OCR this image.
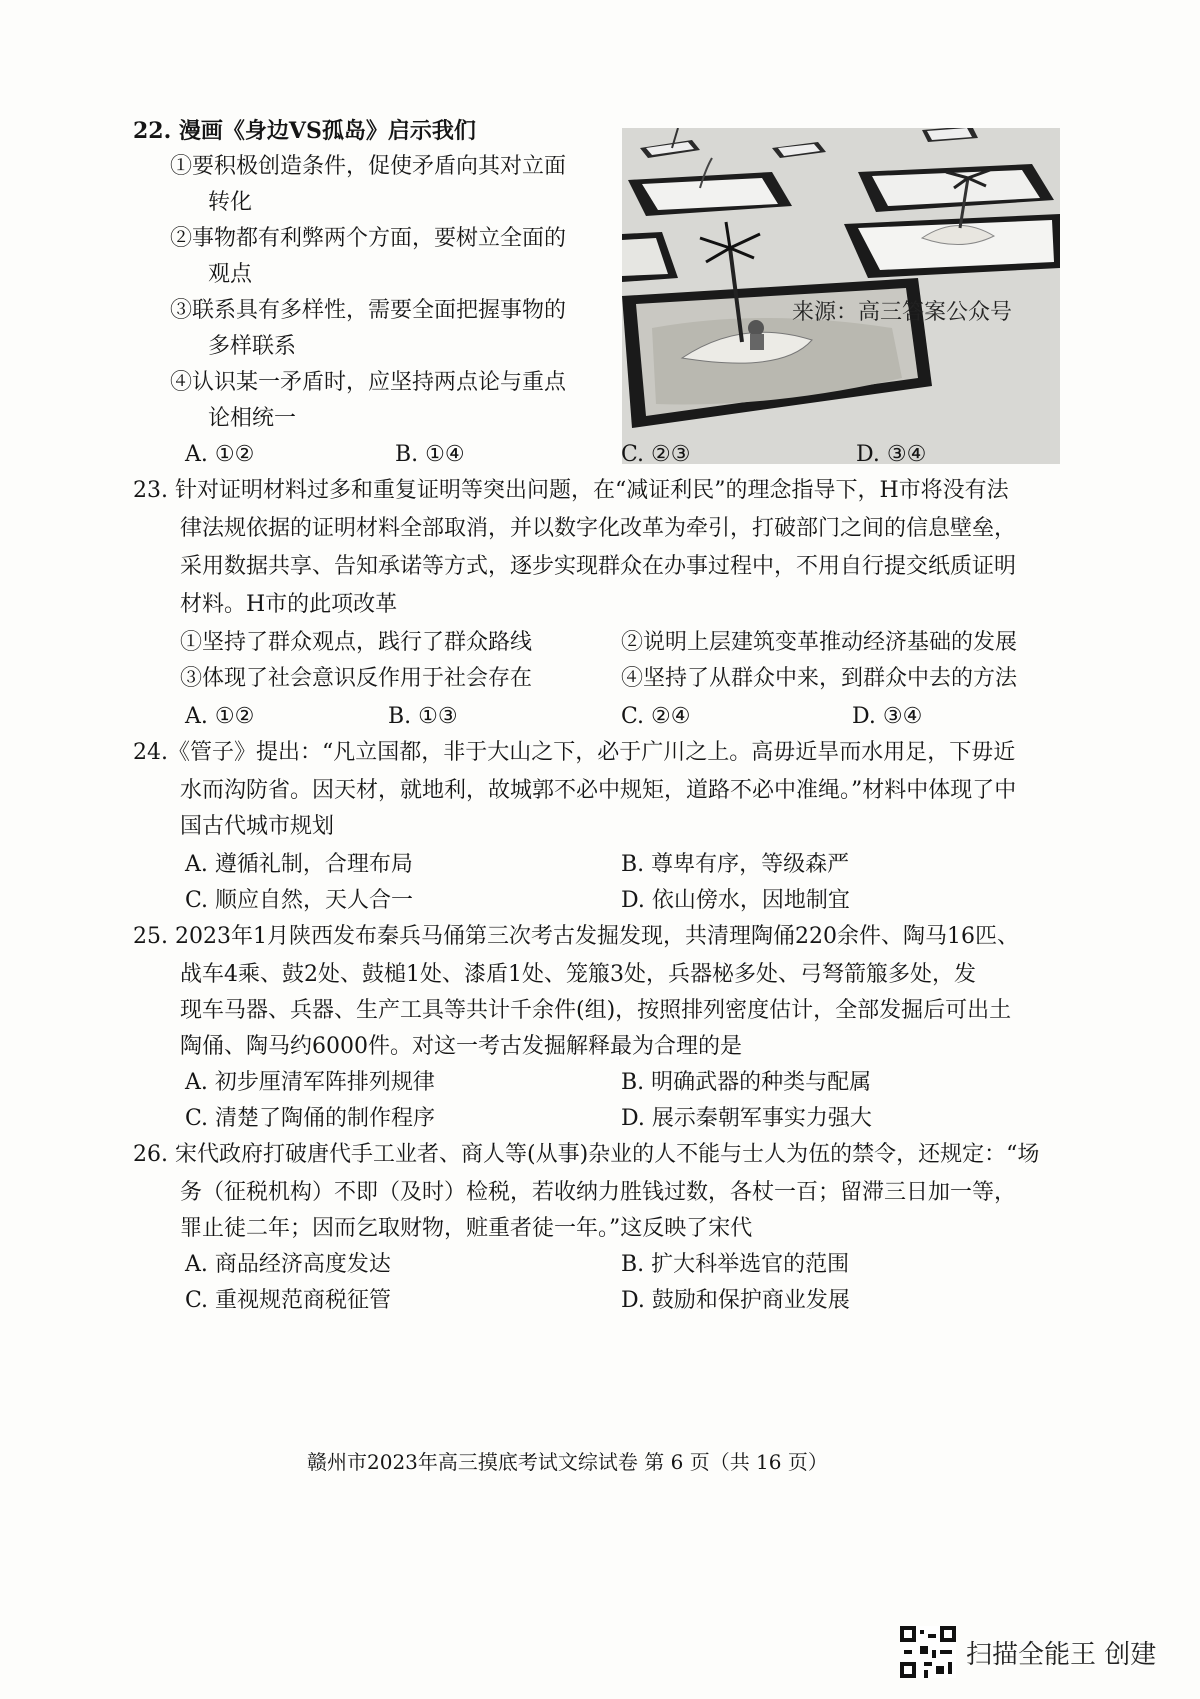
22. 漫画《身边VS孤岛》启示我们
①要积极创造条件，促使矛盾向其对立面
转化
②事物都有利弊两个方面，要树立全面的
观点
③联系具有多样性，需要全面把握事物的
多样联系
④认识某一矛盾时，应坚持两点论与重点
论相统一
来源：高三答案公众号
A. ①②	B. ①④	C. ②③	D. ③④
23. 针对证明材料过多和重复证明等突出问题，在“减证利民”的理念指导下，H市将没有法
律法规依据的证明材料全部取消，并以数字化改革为牵引，打破部门之间的信息壁垒，
采用数据共享、告知承诺等方式，逐步实现群众在办事过程中，不用自行提交纸质证明
材料。H市的此项改革
①坚持了群众观点，践行了群众路线	②说明上层建筑变革推动经济基础的发展
③体现了社会意识反作用于社会存在	④坚持了从群众中来，到群众中去的方法
A. ①②	B. ①③	C. ②④	D. ③④
24.《管子》提出：“凡立国都，非于大山之下，必于广川之上。高毋近旱而水用足，下毋近
水而沟防省。因天材，就地利，故城郭不必中规矩，道路不必中准绳。”材料中体现了中
国古代城市规划
A. 遵循礼制，合理布局	B. 尊卑有序，等级森严
C. 顺应自然，天人合一	D. 依山傍水，因地制宜
25. 2023年1月陕西发布秦兵马俑第三次考古发掘发现，共清理陶俑220余件、陶马16匹、
战车4乘、鼓2处、鼓槌1处、漆盾1处、笼箙3处，兵器柲多处、弓弩箭箙多处，发
现车马器、兵器、生产工具等共计千余件(组)，按照排列密度估计，全部发掘后可出土
陶俑、陶马约6000件。对这一考古发掘解释最为合理的是
A. 初步厘清军阵排列规律	B. 明确武器的种类与配属
C. 清楚了陶俑的制作程序	D. 展示秦朝军事实力强大
26. 宋代政府打破唐代手工业者、商人等(从事)杂业的人不能与士人为伍的禁令，还规定：“场
务（征税机构）不即（及时）检税，若收纳力胜钱过数，各杖一百；留滞三日加一等，
罪止徒二年；因而乞取财物，赃重者徒一年。”这反映了宋代
A. 商品经济高度发达	B. 扩大科举选官的范围
C. 重视规范商税征管	D. 鼓励和保护商业发展
赣州市2023年高三摸底考试文综试卷 第 6 页（共 16 页）
扫描全能王 创建
